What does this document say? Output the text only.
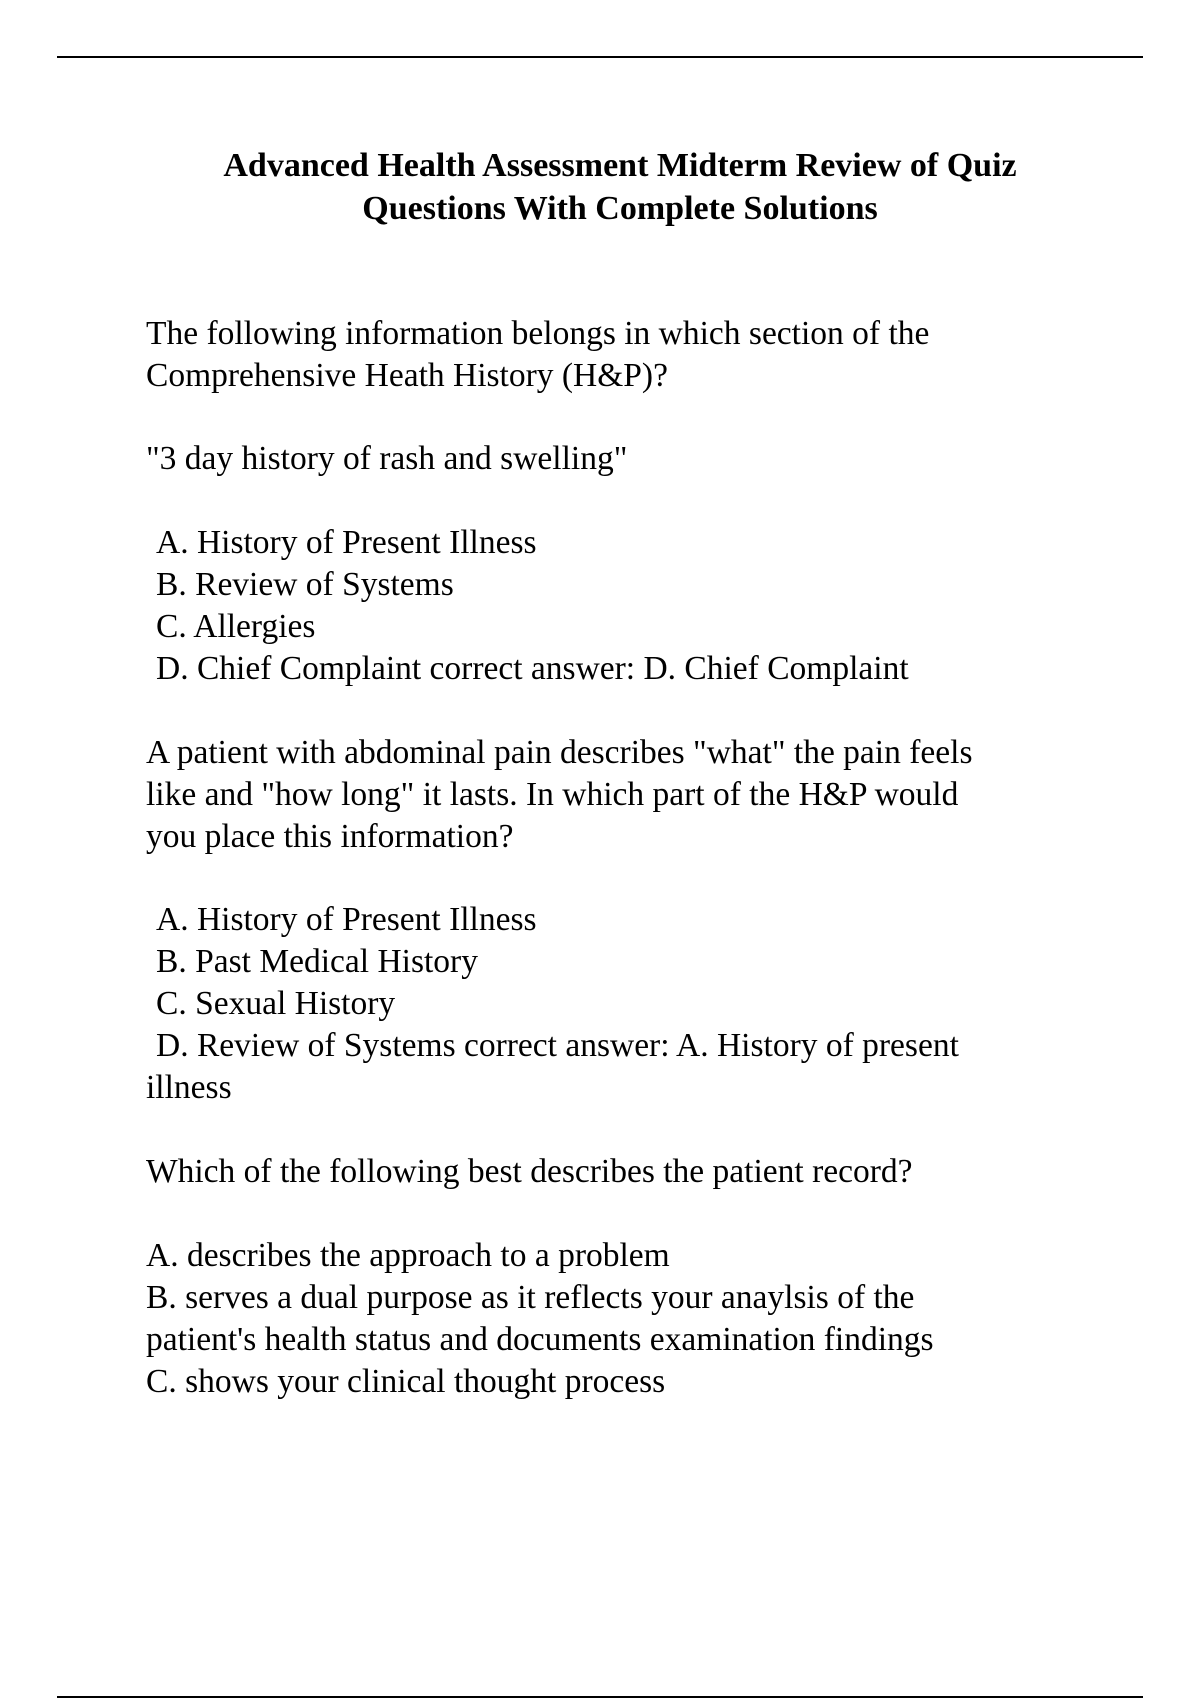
Advanced Health Assessment Midterm Review of Quiz
Questions With Complete Solutions
The following information belongs in which section of the
Comprehensive Heath History (H&P)?
"3 day history of rash and swelling"
A. History of Present Illness
B. Review of Systems
C. Allergies
D. Chief Complaint correct answer: D. Chief Complaint
A patient with abdominal pain describes "what" the pain feels
like and "how long" it lasts. In which part of the H&P would
you place this information?
A. History of Present Illness
B. Past Medical History
C. Sexual History
D. Review of Systems correct answer: A. History of present
illness
Which of the following best describes the patient record?
A. describes the approach to a problem
B. serves a dual purpose as it reflects your anaylsis of the
patient's health status and documents examination findings
C. shows your clinical thought process
